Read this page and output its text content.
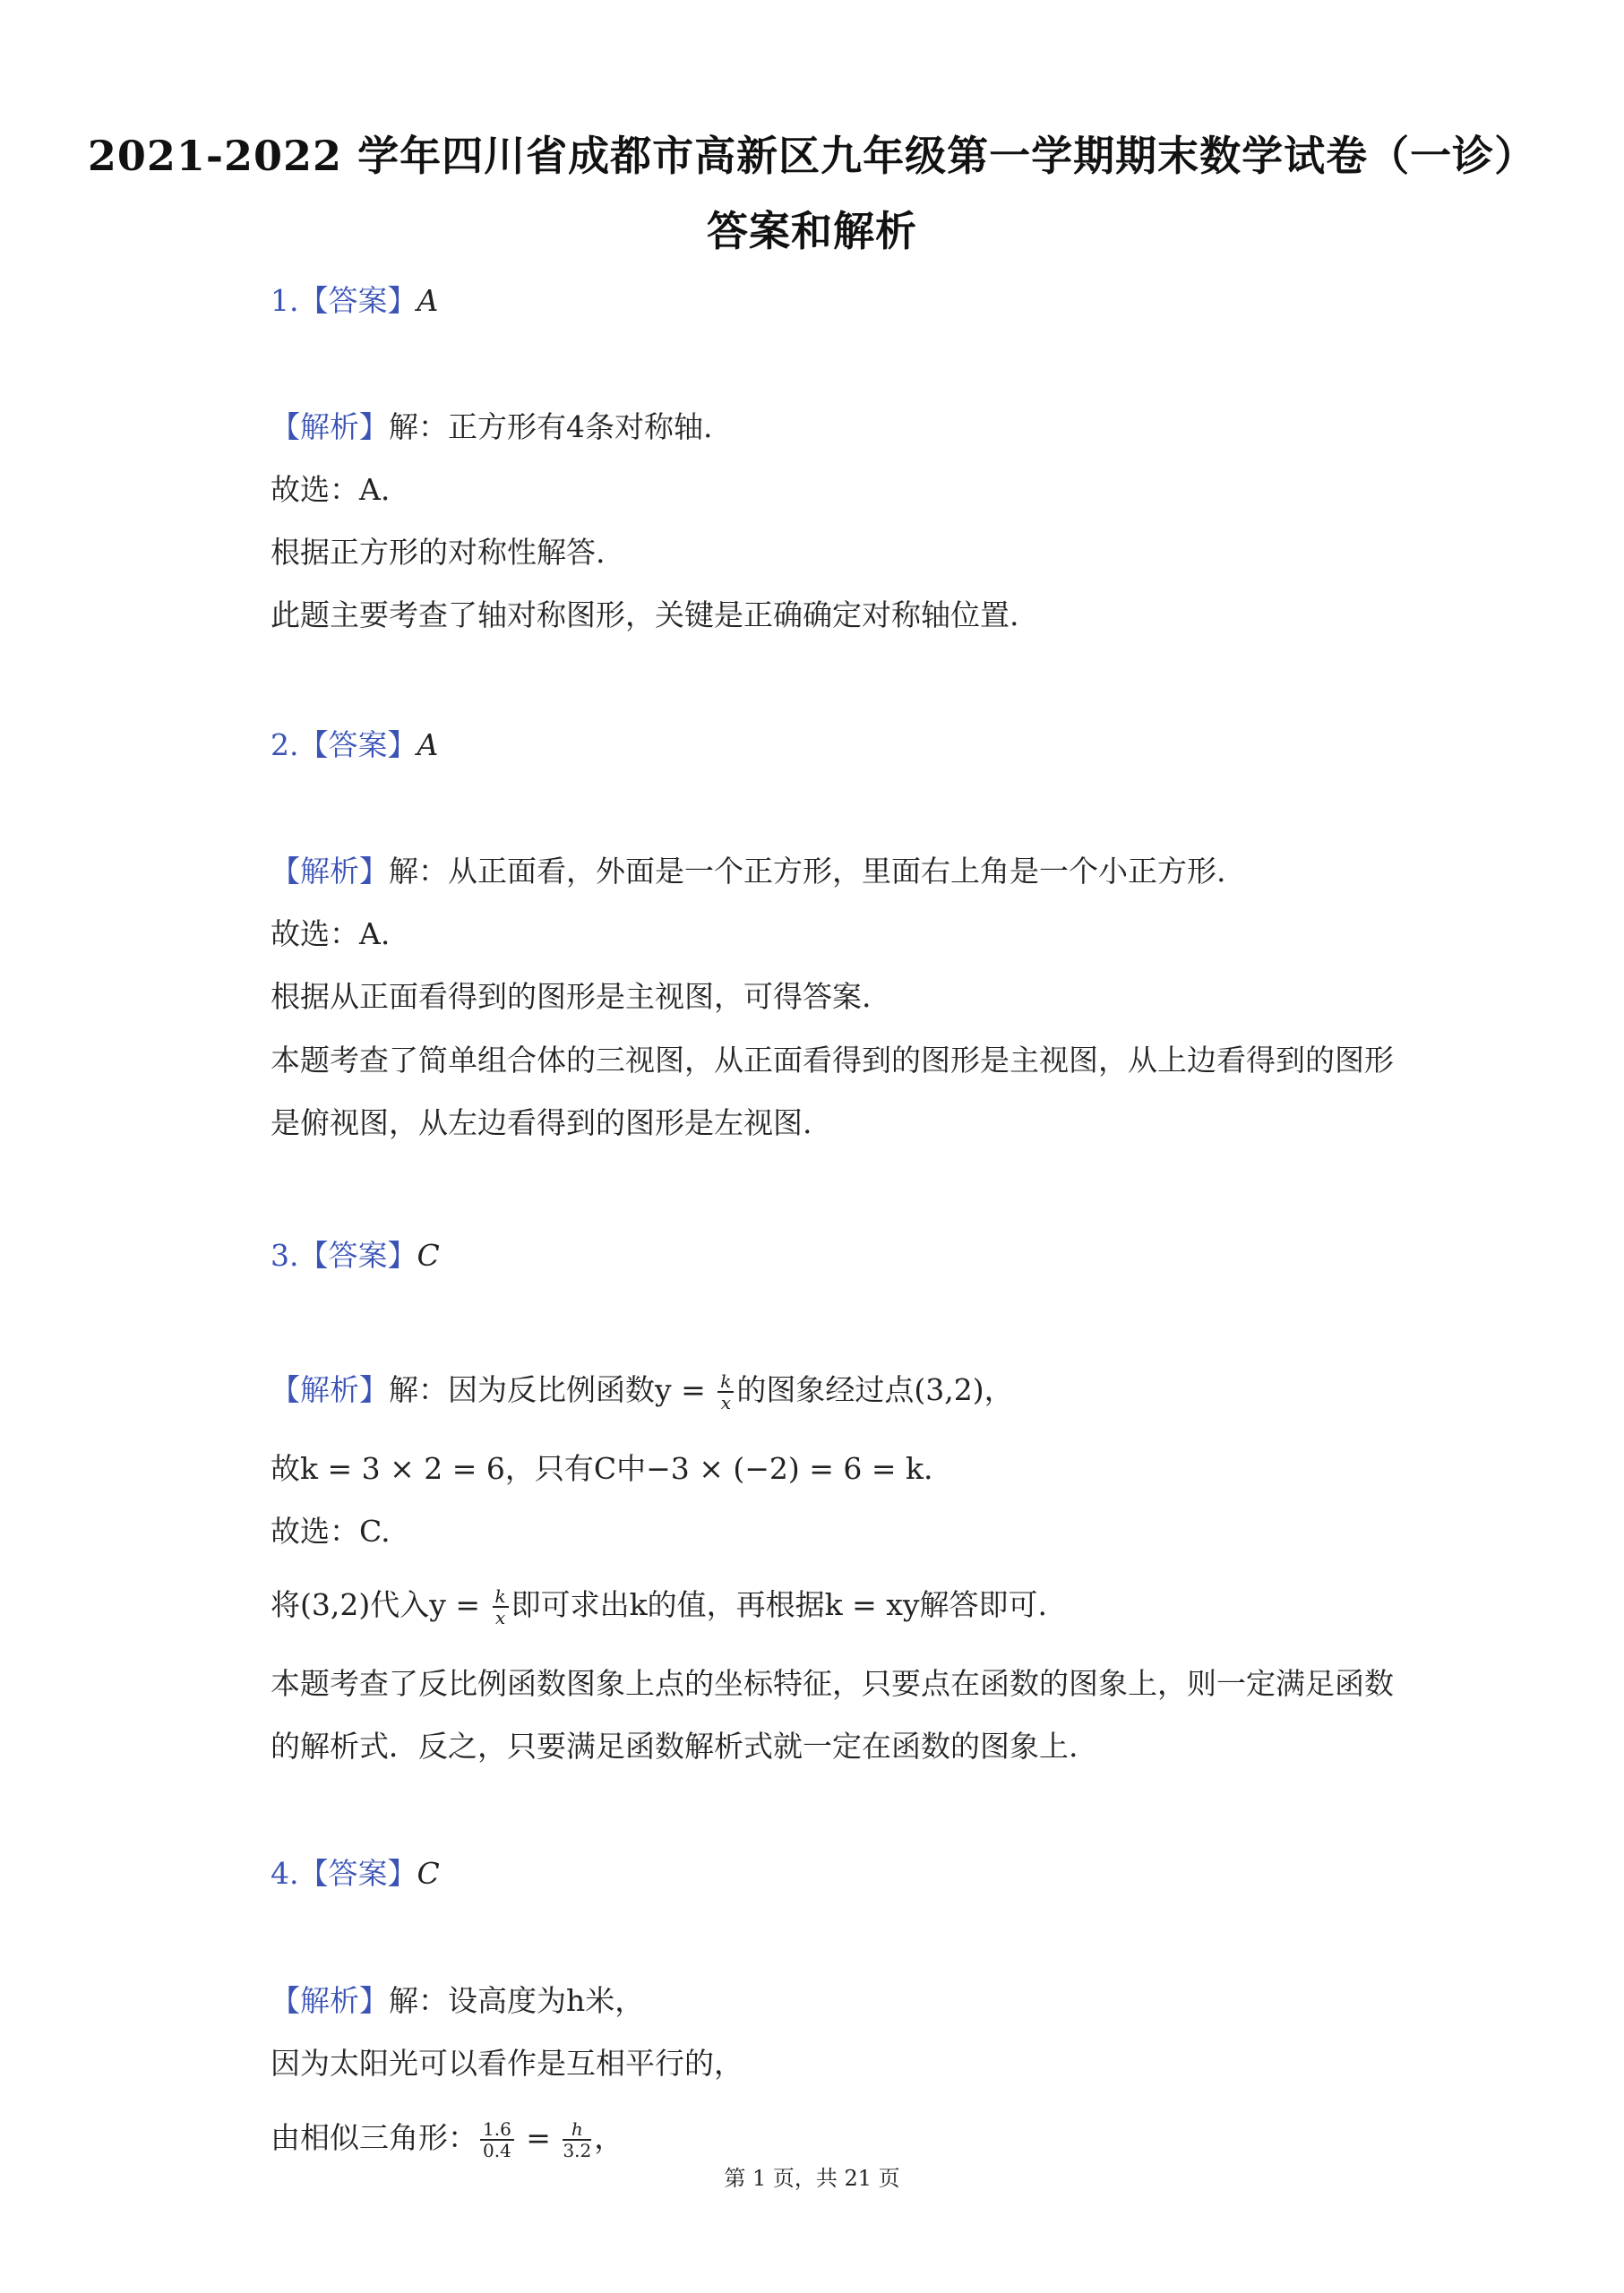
2021-2022 学年四川省成都市高新区九年级第一学期期末数学试卷（一诊）
答案和解析
1.【答案】A
【解析】解：正方形有4条对称轴.
故选：A.
根据正方形的对称性解答.
此题主要考查了轴对称图形，关键是正确确定对称轴位置.
2.【答案】A
【解析】解：从正面看，外面是一个正方形，里面右上角是一个小正方形.
故选：A.
根据从正面看得到的图形是主视图，可得答案.
本题考查了简单组合体的三视图，从正面看得到的图形是主视图，从上边看得到的图形
是俯视图，从左边看得到的图形是左视图.
3.【答案】C
【解析】解：因为反比例函数$y = \frac{k}{x}$ 的图象经过点(3,2)，
故k = 3 × 2 = 6，只有C中−3 × (−2) = 6 = k.
故选：C.
将(3,2)代入$y = \frac{k}{x}$ 即可求出k的值，再根据k = xy解答即可.
本题考查了反比例函数图象上点的坐标特征，只要点在函数的图象上，则一定满足函数
的解析式．反之，只要满足函数解析式就一定在函数的图象上.
4.【答案】C
【解析】解：设高度为h米，
因为太阳光可以看作是互相平行的，
由相似三角形： $\frac{1.6}{0.4} = \frac{h}{3.2}$ ，
第 1 页，共 21 页
